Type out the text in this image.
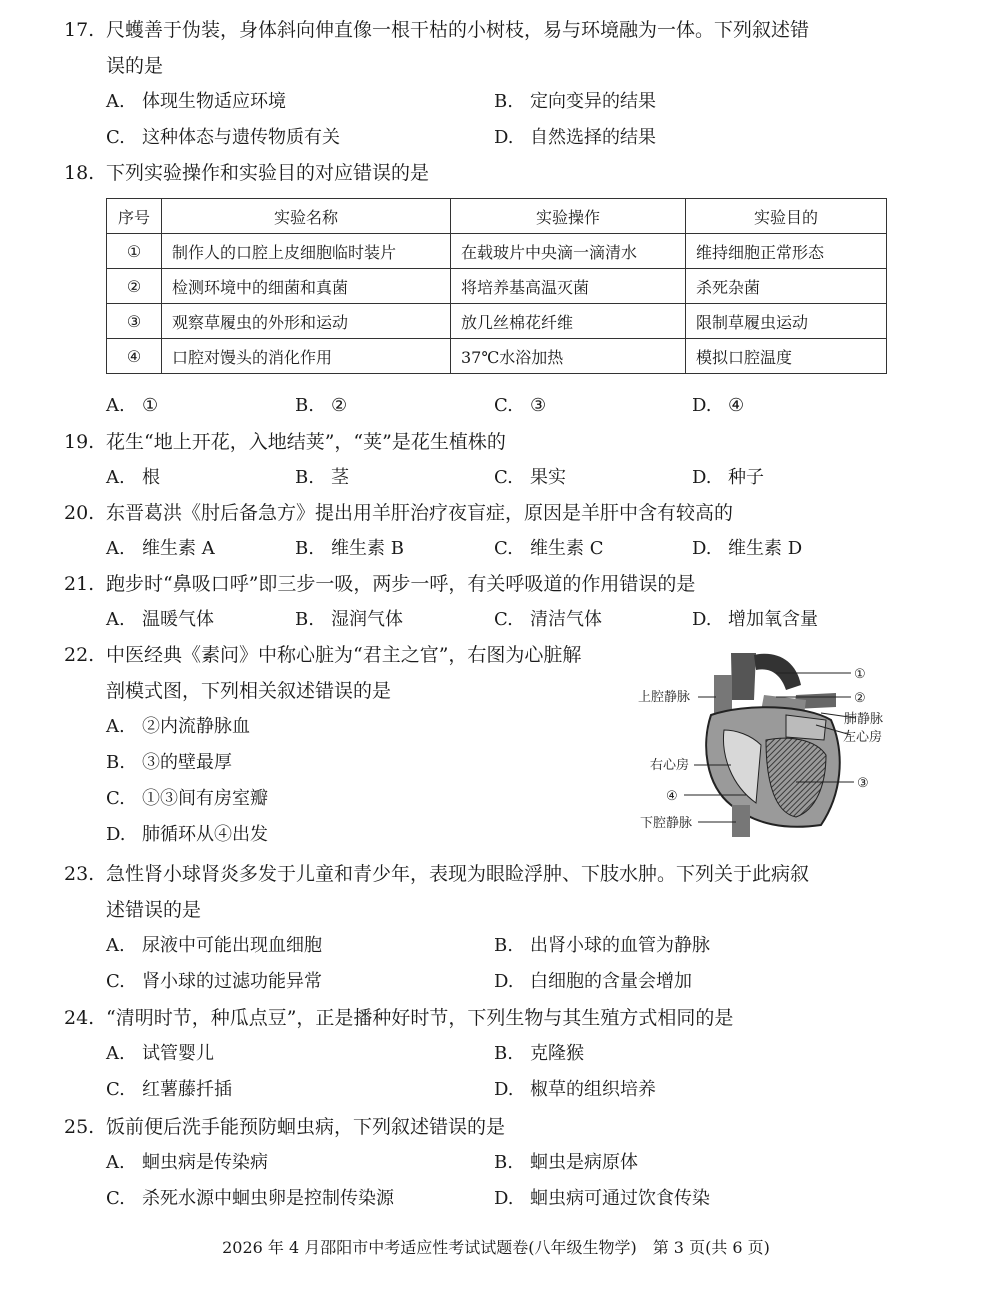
17. 尺蠖善于伪装，身体斜向伸直像一根干枯的小树枝，易与环境融为一体。下列叙述错
误的是
A. 体现生物适应环境	B. 定向变异的结果
C. 这种体态与遗传物质有关	D. 自然选择的结果
18. 下列实验操作和实验目的对应错误的是
序号	实验名称	实验操作	实验目的
①	制作人的口腔上皮细胞临时装片	在载玻片中央滴一滴清水	维持细胞正常形态
②	检测环境中的细菌和真菌	将培养基高温灭菌	杀死杂菌
③	观察草履虫的外形和运动	放几丝棉花纤维	限制草履虫运动
④	口腔对馒头的消化作用	37℃水浴加热	模拟口腔温度
A. ①	B. ②	C. ③	D. ④
19. 花生“地上开花，入地结荚”，“荚”是花生植株的
A. 根	B. 茎	C. 果实	D. 种子
20. 东晋葛洪《肘后备急方》提出用羊肝治疗夜盲症，原因是羊肝中含有较高的
A. 维生素 A	B. 维生素 B	C. 维生素 C	D. 维生素 D
21. 跑步时“鼻吸口呼”即三步一吸，两步一呼，有关呼吸道的作用错误的是
A. 温暖气体	B. 湿润气体	C. 清洁气体	D. 增加氧含量
22. 中医经典《素问》中称心脏为“君主之官”，右图为心脏解
剖模式图，下列相关叙述错误的是
A. ②内流静脉血
B. ③的壁最厚
C. ①③间有房室瓣
D. 肺循环从④出发
①
②
上腔静脉
肺静脉
左心房
右心房
③
④
下腔静脉
23. 急性肾小球肾炎多发于儿童和青少年，表现为眼睑浮肿、下肢水肿。下列关于此病叙
述错误的是
A. 尿液中可能出现血细胞	B. 出肾小球的血管为静脉
C. 肾小球的过滤功能异常	D. 白细胞的含量会增加
24. “清明时节，种瓜点豆”，正是播种好时节，下列生物与其生殖方式相同的是
A. 试管婴儿	B. 克隆猴
C. 红薯藤扦插	D. 椒草的组织培养
25. 饭前便后洗手能预防蛔虫病，下列叙述错误的是
A. 蛔虫病是传染病	B. 蛔虫是病原体
C. 杀死水源中蛔虫卵是控制传染源	D. 蛔虫病可通过饮食传染
2026 年 4 月邵阳市中考适应性考试试题卷(八年级生物学)　第 3 页(共 6 页)
